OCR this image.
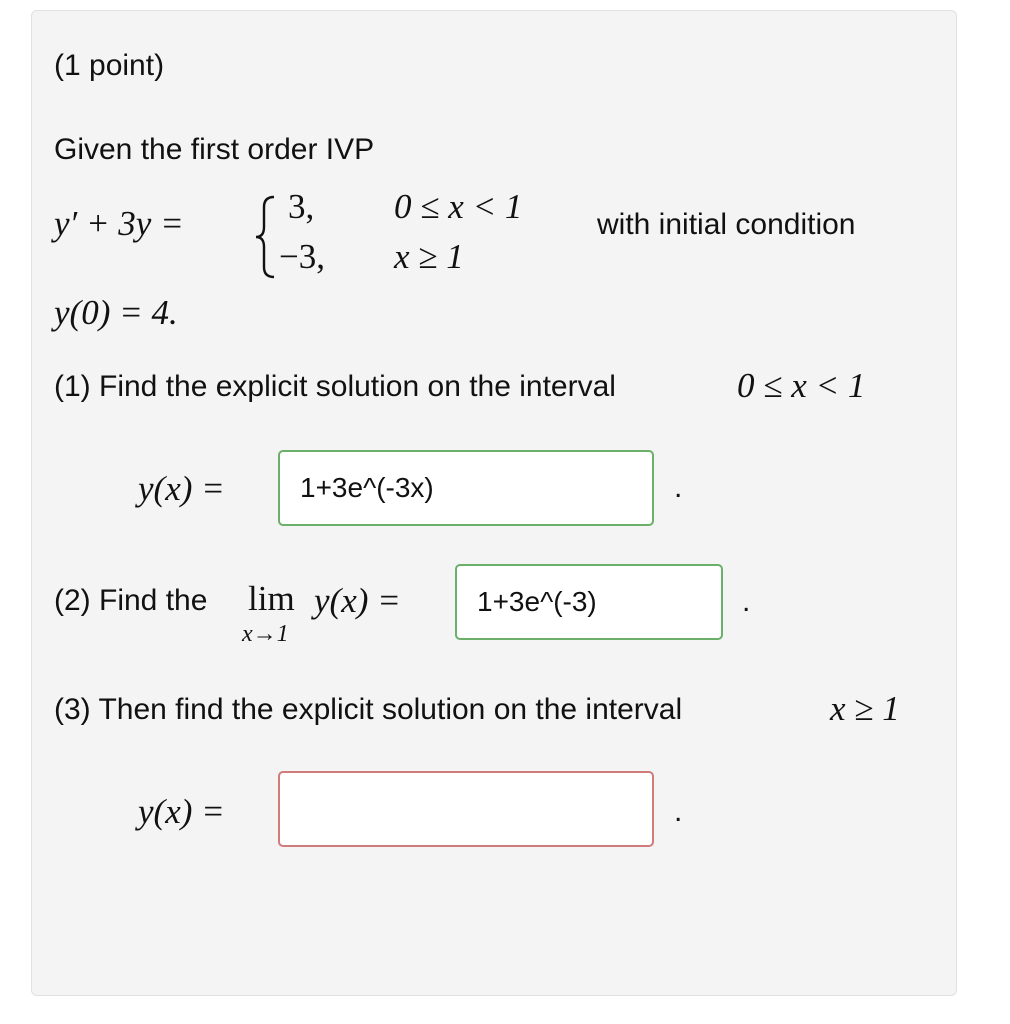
(1 point)
Given the first order IVP
y′ + 3y =	3, 0 ≤ x < 1
−3, x ≥ 1
with initial condition
y(0) = 4.
(1) Find the explicit solution on the interval	0 ≤ x < 1
y(x) =	1+3e^(-3x)	.
(2) Find the lim
x→1
y(x) =	1+3e^(-3)	.
(3) Then find the explicit solution on the interval	x ≥ 1
y(x) =	.
